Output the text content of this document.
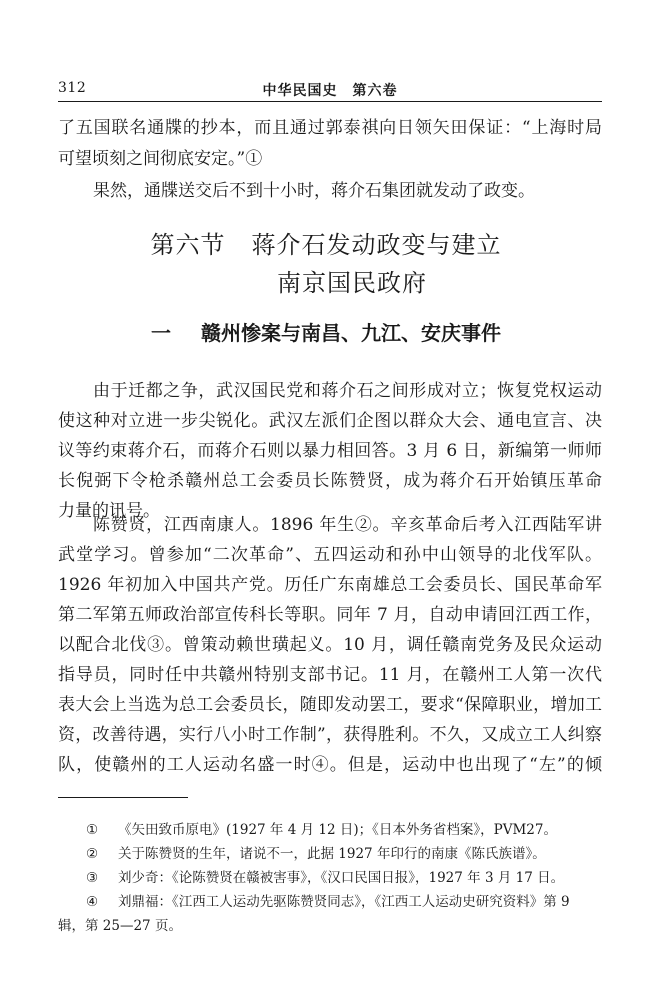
312	中华民国史　第六卷
了五国联名通牒的抄本，而且通过郭泰祺向日领矢田保证：“上海时局
可望顷刻之间彻底安定。”①
果然，通牒送交后不到十小时，蒋介石集团就发动了政变。
第六节 蒋介石发动政变与建立
南京国民政府
一 赣州惨案与南昌、九江、安庆事件
由于迁都之争，武汉国民党和蒋介石之间形成对立；恢复党权运动
使这种对立进一步尖锐化。武汉左派们企图以群众大会、通电宣言、决
议等约束蒋介石，而蒋介石则以暴力相回答。3 月 6 日，新编第一师师
长倪弼下令枪杀赣州总工会委员长陈赞贤，成为蒋介石开始镇压革命
力量的讯号。
陈赞贤，江西南康人。1896 年生②。辛亥革命后考入江西陆军讲
武堂学习。曾参加“二次革命”、五四运动和孙中山领导的北伐军队。
1926 年初加入中国共产党。历任广东南雄总工会委员长、国民革命军
第二军第五师政治部宣传科长等职。同年 7 月，自动申请回江西工作，
以配合北伐③。曾策动赖世璜起义。10 月，调任赣南党务及民众运动
指导员，同时任中共赣州特别支部书记。11 月，在赣州工人第一次代
表大会上当选为总工会委员长，随即发动罢工，要求“保障职业，增加工
资，改善待遇，实行八小时工作制”，获得胜利。不久，又成立工人纠察
队，使赣州的工人运动名盛一时④。但是，运动中也出现了“左”的倾
① 《矢田致币原电》(1927 年 4 月 12 日)；《日本外务省档案》，PVM27。
② 关于陈赞贤的生年，诸说不一，此据 1927 年印行的南康《陈氏族谱》。
③ 刘少奇：《论陈赞贤在赣被害事》，《汉口民国日报》，1927 年 3 月 17 日。
④ 刘鼎福：《江西工人运动先驱陈赞贤同志》，《江西工人运动史研究资料》第 9
辑，第 25—27 页。
